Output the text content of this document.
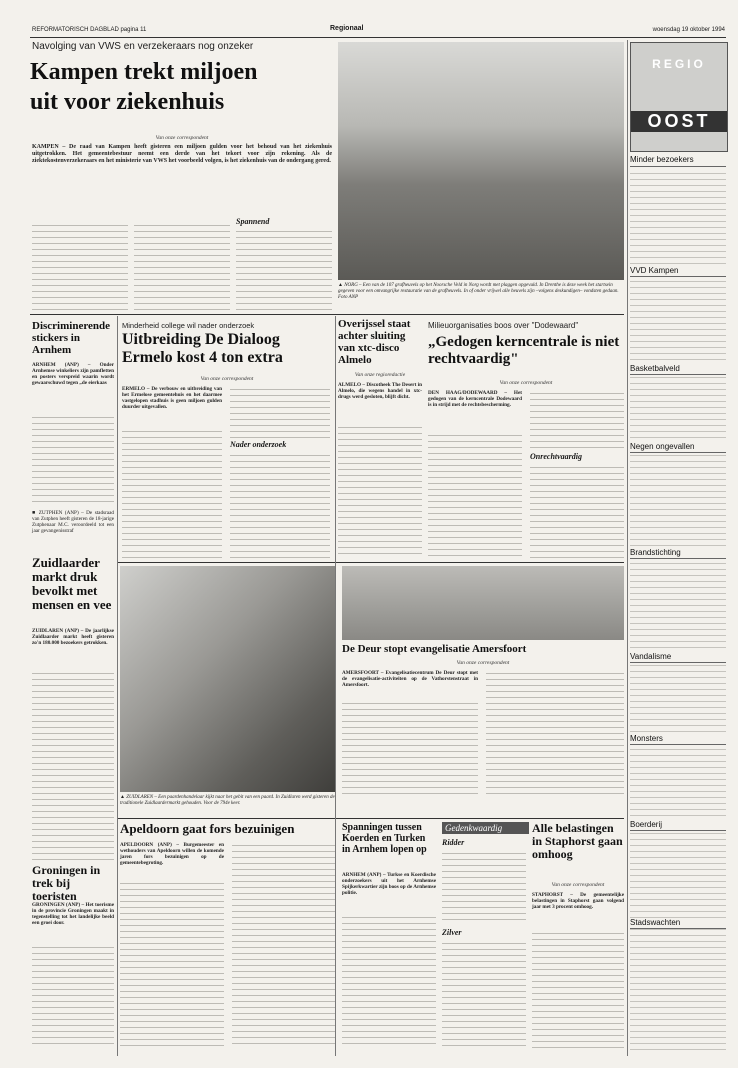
REFORMATORISCH DAGBLAD pagina 11	Regionaal	woensdag 19 oktober 1994
Navolging van VWS en verzekeraars nog onzeker
Kampen trekt miljoen
uit voor ziekenhuis
Van onze correspondent
KAMPEN – De raad van Kampen heeft gisteren een miljoen gulden voor het behoud van het ziekenhuis uitgetrokken. Het gemeentebestuur neemt een derde van het tekort voor zijn rekening. Als de ziektekostenverzekeraars en het ministerie van VWS het voorbeeld volgen, is het ziekenhuis van de ondergang gered.
Spannend
▲ NORG – Een van de 107 grafheuvels op het Noorsche Veld in Norg wordt met plaggen opgevuld. In Drenthe is deze week het startsein gegeven voor een omvangrijke restauratie van de grafheuvels. In of onder vrijwel alle heuvels zijn –volgens deskundigen– vondsten gedaan. Foto ANP
REGIO
OOST
Minder bezoekers
VVD Kampen
Basketbalveld
Negen ongevallen
Brandstichting
Vandalisme
Monsters
Boerderij
Stadswachten
Discriminerende stickers in Arnhem
ARNHEM (ANP) – Onder Arnhemse winkeliers zijn pamfletten en posters verspreid waarin wordt gewaarschuwd tegen „de eierkaas
■ ZUTPHEN (ANP) – De stadsraad van Zutphen heeft gisteren de 18-jarige Zutphenaar M.C. veroordeeld tot een jaar gevangenisstraf
Minderheid college wil nader onderzoek
Uitbreiding De Dialoog Ermelo kost 4 ton extra
Van onze correspondent
ERMELO – De verbouw en uitbreiding van het Ermelose gemeentehuis en het daarmee vastgelopen stadhuis is geen miljoen gulden duurder uitgevallen.
Nader onderzoek
Overijssel staat achter sluiting van xtc-disco Almelo
Van onze regioredactie
ALMELO – Discotheek The Desert in Almelo, die wegens handel in xtc-drugs werd gesloten, blijft dicht.
Milieuorganisaties boos over "Dodewaard"
„Gedogen kerncentrale is niet rechtvaardig"
Van onze correspondent
DEN HAAG/DODEWAARD – Het gedogen van de kerncentrale Dodewaard is in strijd met de rechtsbescherming.
Onrechtvaardig
Zuidlaarder markt druk bevolkt met mensen en vee
ZUIDLAREN (ANP) – De jaarlijkse Zuidlaarder markt heeft gisteren zo'n 180.000 bezoekers getrokken.
▲ ZUIDLAREN – Een paardenhandelaar kijkt naar het gebit van een paard. In Zuidlaren werd gisteren de traditionele Zuidlaardermarkt gehouden. Voor de 794e keer.
De Deur stopt evangelisatie Amersfoort
Van onze correspondent
AMERSFOORT – Evangelisatiecentrum De Deur stopt met de evangelisatie-activiteiten op de Vathorstenstraat in Amersfoort.
Groningen in trek bij toeristen
GRONINGEN (ANP) – Het toerisme in de provincie Groningen maakt in tegenstelling tot het landelijke beeld een groei door.
Apeldoorn gaat fors bezuinigen
APELDOORN (ANP) – Burgemeester en wethouders van Apeldoorn willen de komende jaren fors bezuinigen op de gemeentebegroting.
Spanningen tussen Koerden en Turken in Arnhem lopen op
ARNHEM (ANP) – Turkse en Koerdische onderzoekers uit het Arnhemse Spijkerkwartier zijn boos op de Arnhemse politie.
Gedenkwaardig
Ridder
Zilver
Alle belastingen in Staphorst gaan omhoog
Van onze correspondent
STAPHORST – De gemeentelijke belastingen in Staphorst gaan volgend jaar met 3 procent omhoog.
